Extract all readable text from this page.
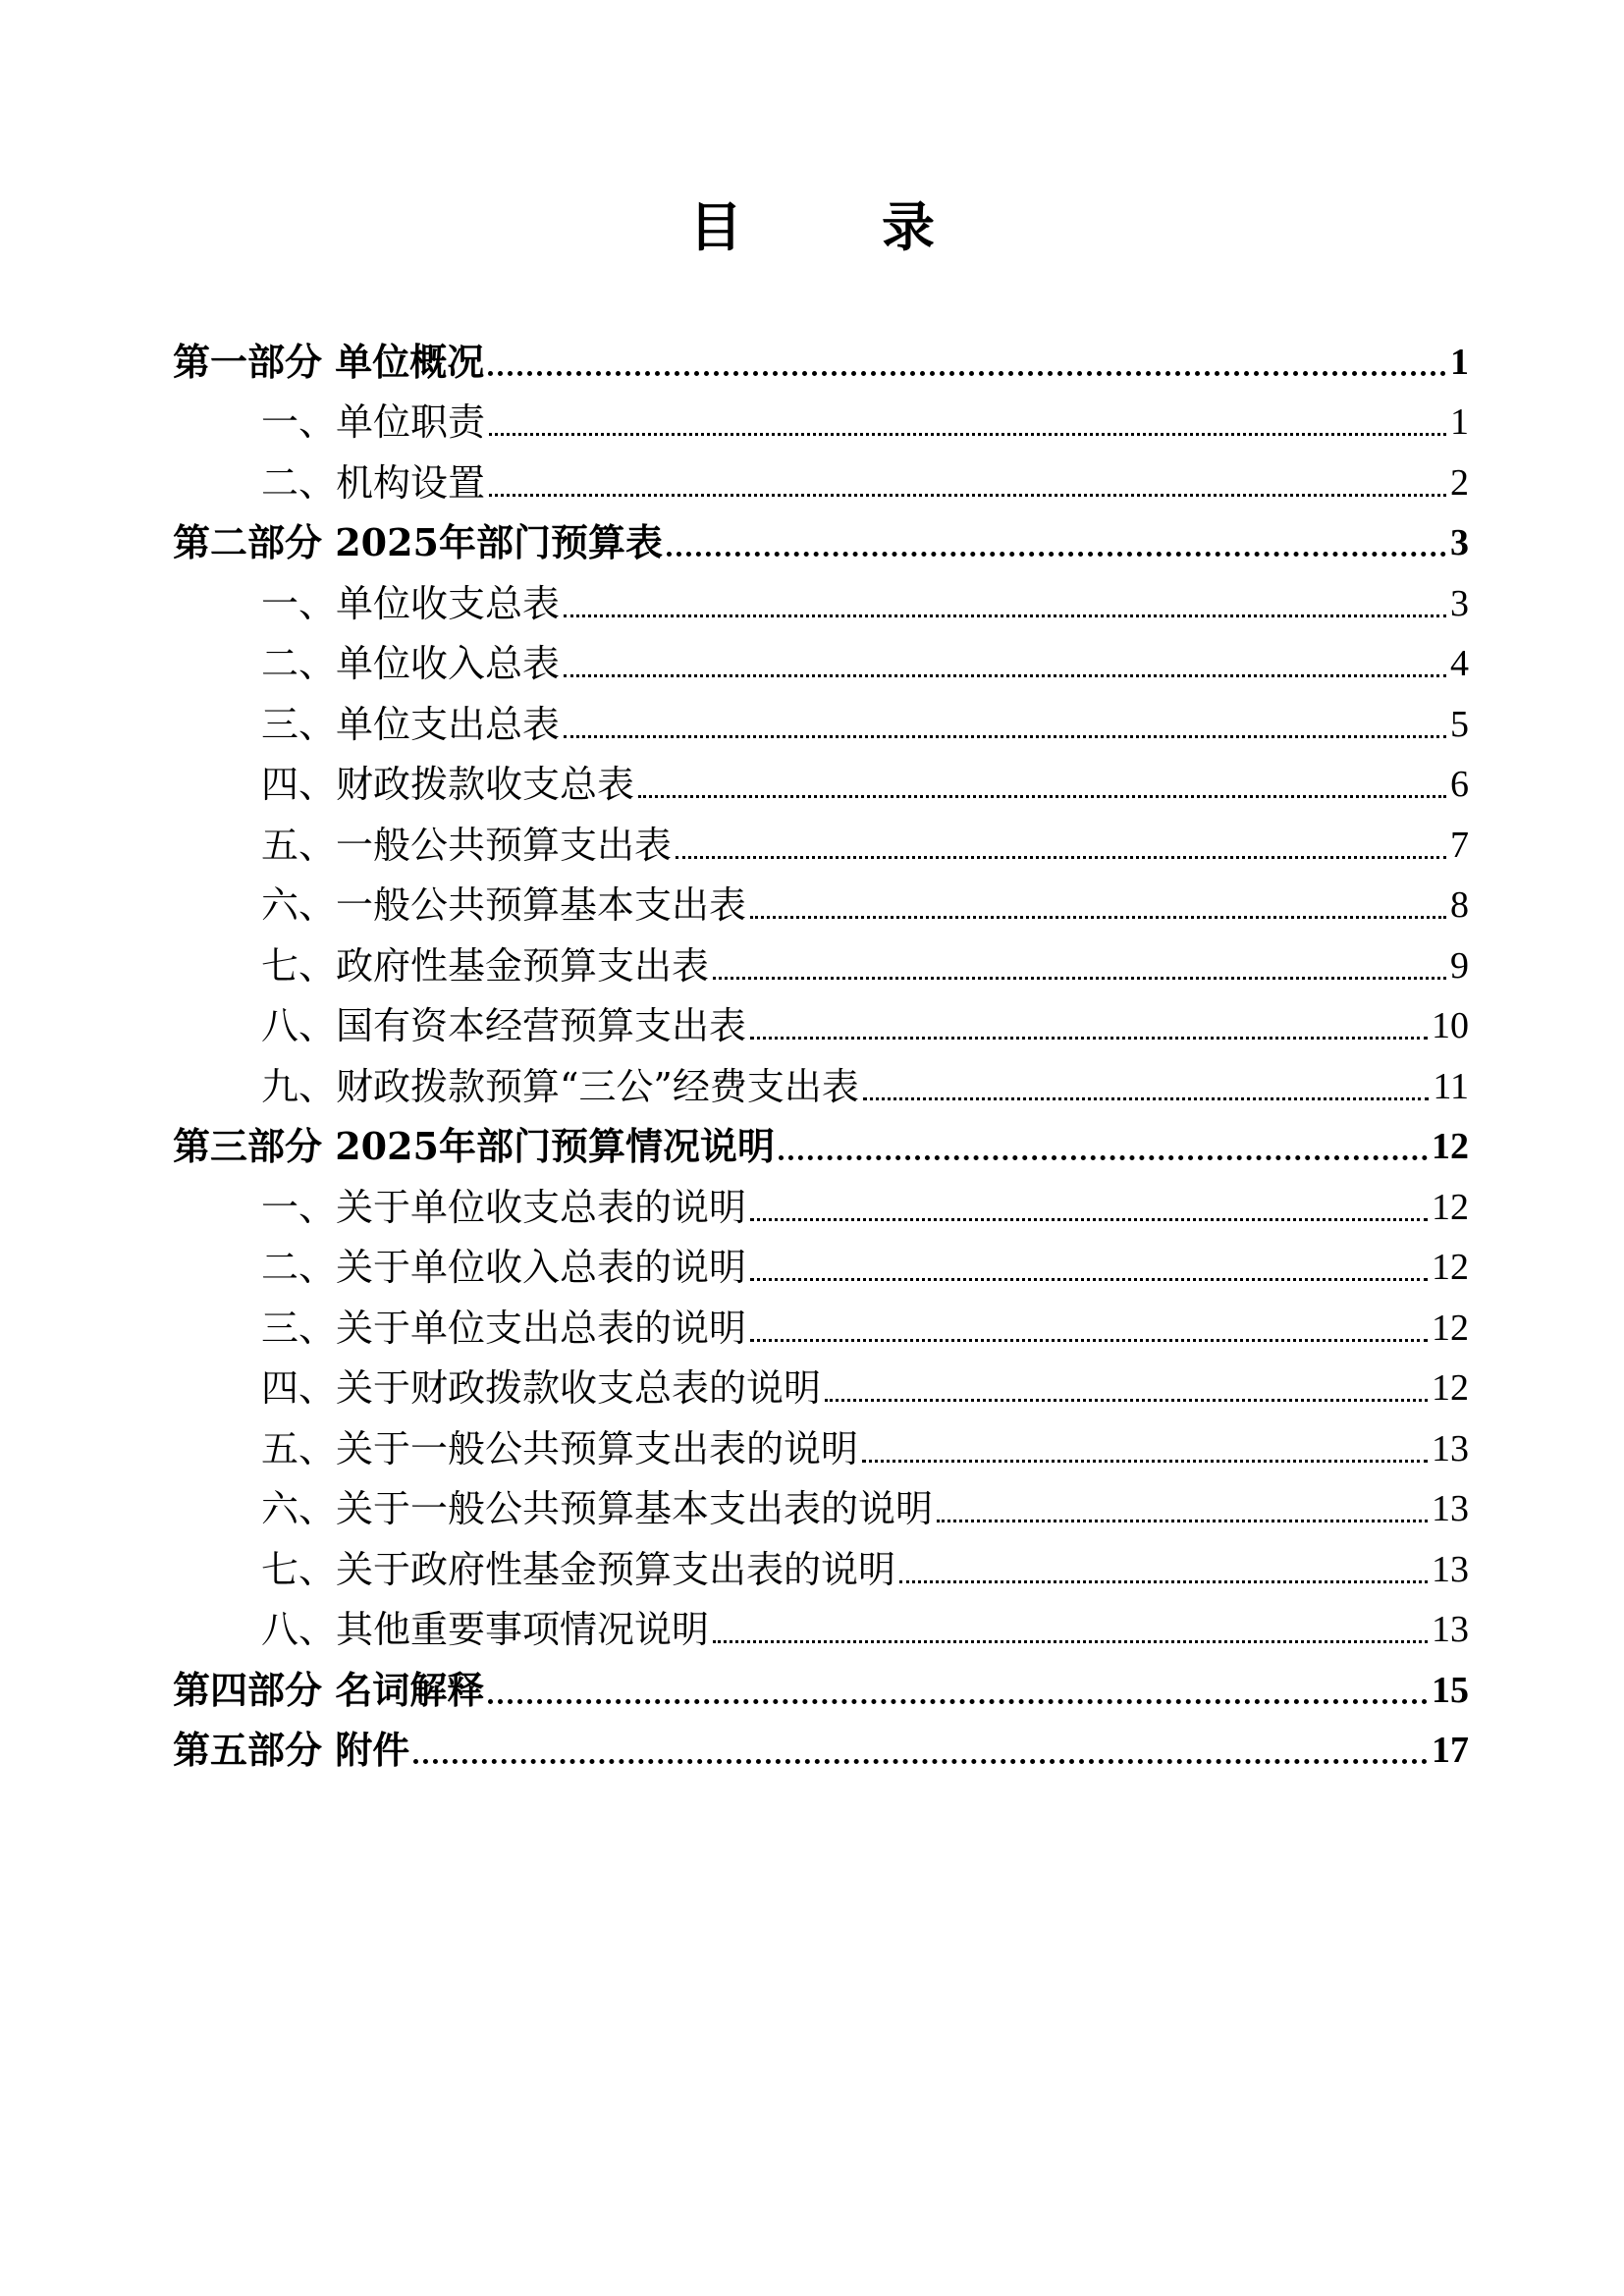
目　录
第一部分 单位概况	1
一、单位职责	1
二、机构设置	2
第二部分 2025年部门预算表	3
一、单位收支总表	3
二、单位收入总表	4
三、单位支出总表	5
四、财政拨款收支总表	6
五、一般公共预算支出表	7
六、一般公共预算基本支出表	8
七、政府性基金预算支出表	9
八、国有资本经营预算支出表	10
九、财政拨款预算“三公”经费支出表	11
第三部分 2025年部门预算情况说明	12
一、关于单位收支总表的说明	12
二、关于单位收入总表的说明	12
三、关于单位支出总表的说明	12
四、关于财政拨款收支总表的说明	12
五、关于一般公共预算支出表的说明	13
六、关于一般公共预算基本支出表的说明	13
七、关于政府性基金预算支出表的说明	13
八、其他重要事项情况说明	13
第四部分 名词解释	15
第五部分 附件	17
